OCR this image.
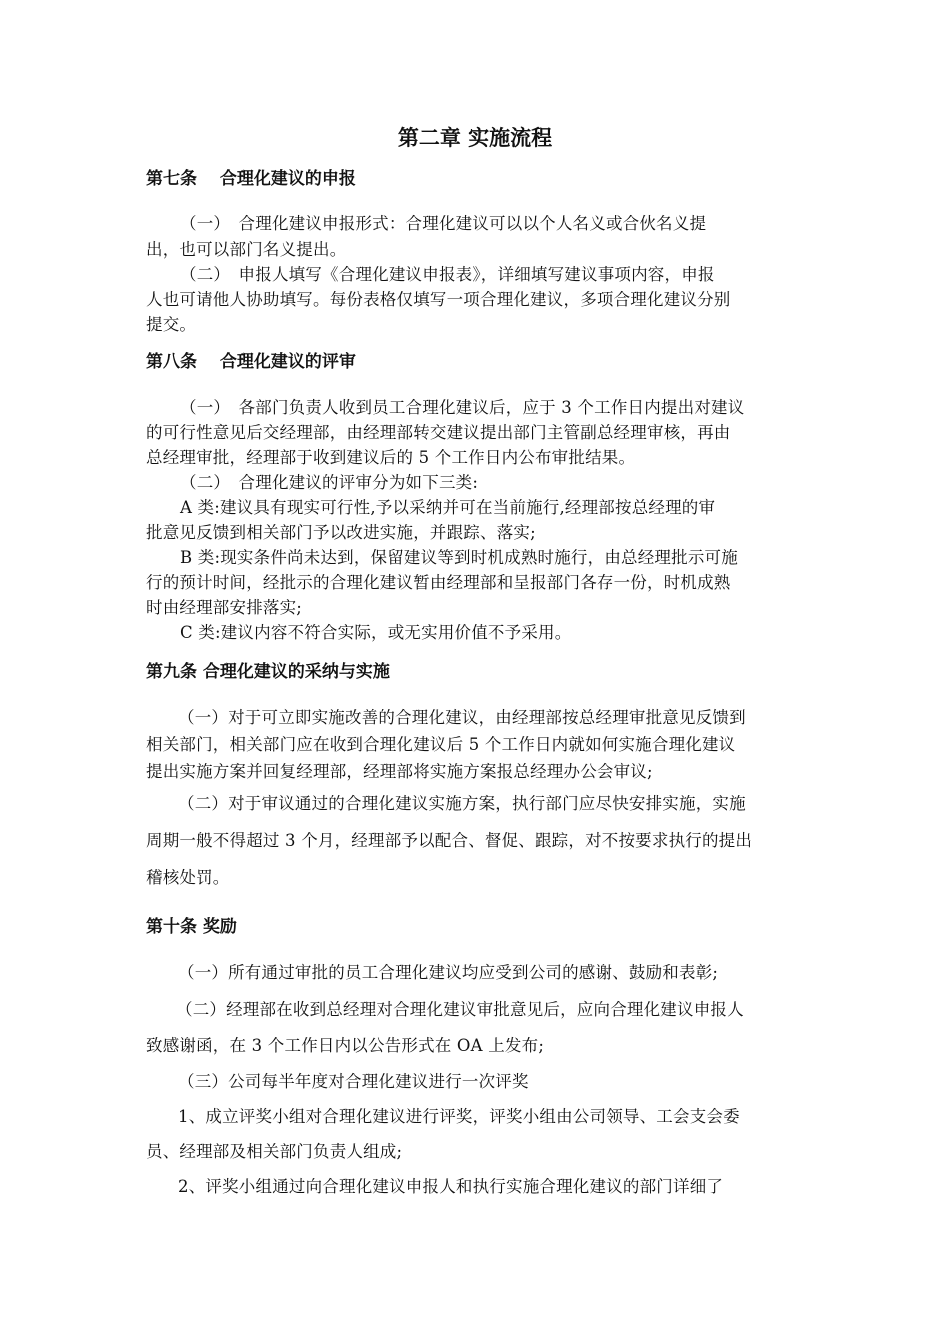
第二章 实施流程
第七条　 合理化建议的申报
（一）　合理化建议申报形式：合理化建议可以以个人名义或合伙名义提
出，也可以部门名义提出。
（二）　申报人填写《合理化建议申报表》，详细填写建议事项内容，申报
人也可请他人协助填写。每份表格仅填写一项合理化建议，多项合理化建议分别
提交。
第八条　 合理化建议的评审
（一）　各部门负责人收到员工合理化建议后，应于 3 个工作日内提出对建议
的可行性意见后交经理部，由经理部转交建议提出部门主管副总经理审核，再由
总经理审批，经理部于收到建议后的 5 个工作日内公布审批结果。
（二）　合理化建议的评审分为如下三类:
A 类:建议具有现实可行性,予以采纳并可在当前施行,经理部按总经理的审
批意见反馈到相关部门予以改进实施，并跟踪、落实;
B 类:现实条件尚未达到，保留建议等到时机成熟时施行，由总经理批示可施
行的预计时间，经批示的合理化建议暂由经理部和呈报部门各存一份，时机成熟
时由经理部安排落实;
C 类:建议内容不符合实际，或无实用价值不予采用。
第九条 合理化建议的采纳与实施
（一）对于可立即实施改善的合理化建议，由经理部按总经理审批意见反馈到
相关部门，相关部门应在收到合理化建议后 5 个工作日内就如何实施合理化建议
提出实施方案并回复经理部，经理部将实施方案报总经理办公会审议;
（二）对于审议通过的合理化建议实施方案，执行部门应尽快安排实施，实施
周期一般不得超过 3 个月，经理部予以配合、督促、跟踪，对不按要求执行的提出
稽核处罚。
第十条 奖励
（一）所有通过审批的员工合理化建议均应受到公司的感谢、鼓励和表彰;
（二）经理部在收到总经理对合理化建议审批意见后，应向合理化建议申报人
致感谢函，在 3 个工作日内以公告形式在 OA 上发布;
（三）公司每半年度对合理化建议进行一次评奖
1、成立评奖小组对合理化建议进行评奖，评奖小组由公司领导、工会支会委
员、经理部及相关部门负责人组成;
2、评奖小组通过向合理化建议申报人和执行实施合理化建议的部门详细了
